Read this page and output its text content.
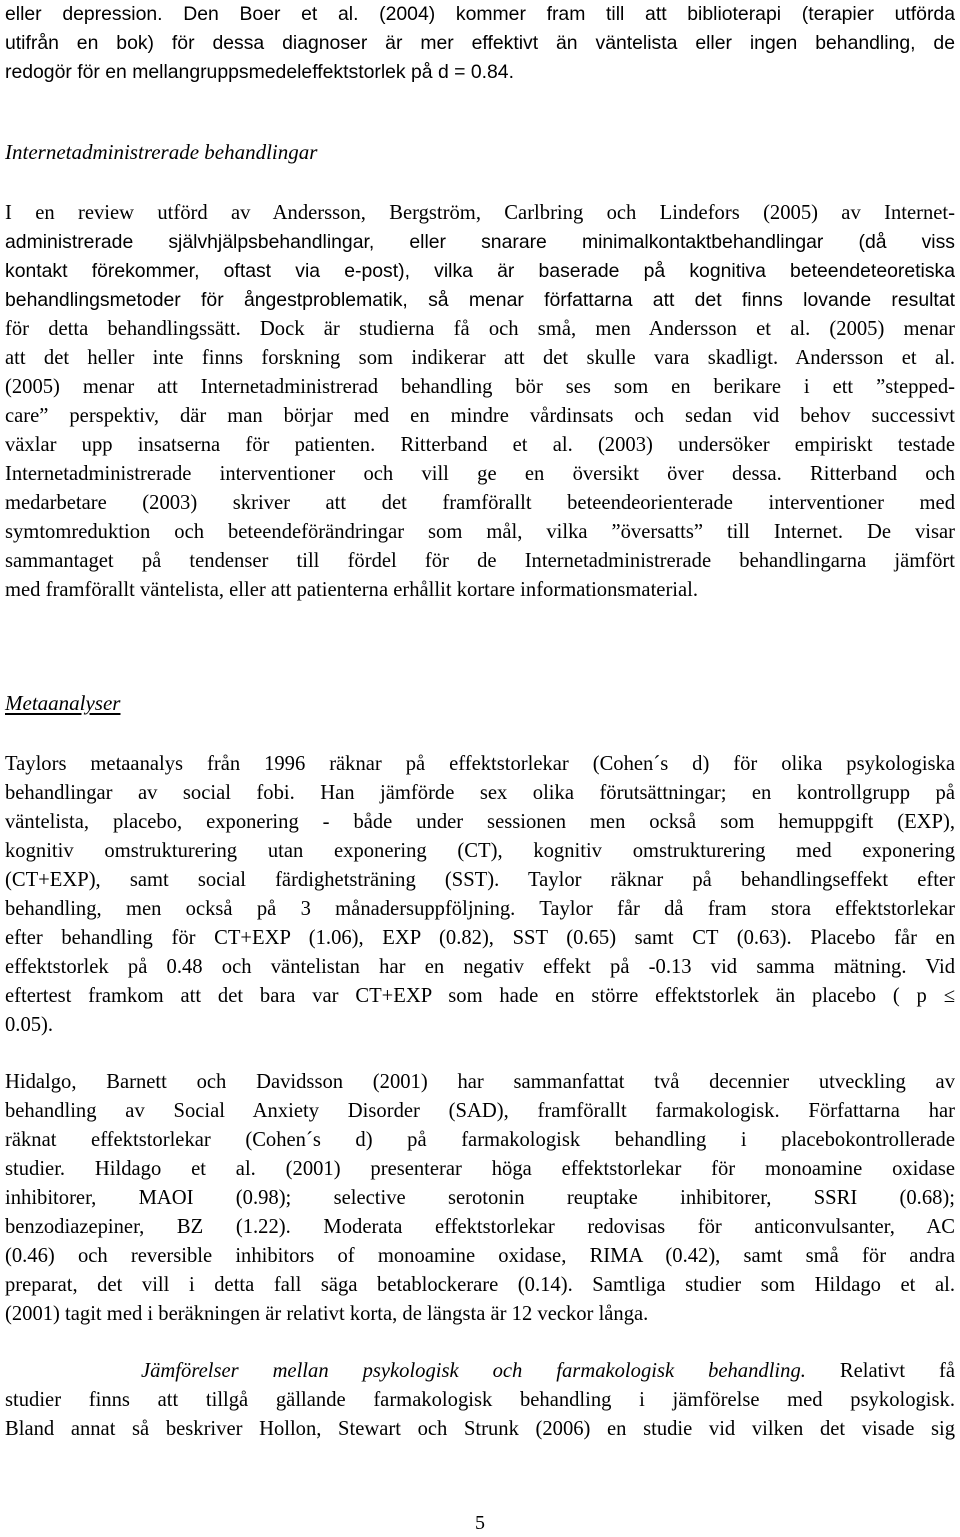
eller depression. Den Boer et al. (2004) kommer fram till att biblioterapi (terapier utförda
utifrån en bok) för dessa diagnoser är mer effektivt än väntelista eller ingen behandling, de
redogör för en mellangruppsmedeleffektstorlek på d = 0.84.
Internetadministrerade behandlingar
I en review utförd av Andersson, Bergström, Carlbring och Lindefors (2005) av Internet-
administrerade självhjälpsbehandlingar, eller snarare minimalkontaktbehandlingar (då viss
kontakt förekommer, oftast via e-post), vilka är baserade på kognitiva beteendeteoretiska
behandlingsmetoder för ångestproblematik, så menar författarna att det finns lovande resultat
för detta behandlingssätt. Dock är studierna få och små, men Andersson et al. (2005) menar
att det heller inte finns forskning som indikerar att det skulle vara skadligt. Andersson et al.
(2005) menar att Internetadministrerad behandling bör ses som en berikare i ett ”stepped-
care” perspektiv, där man börjar med en mindre vårdinsats och sedan vid behov successivt
växlar upp insatserna för patienten. Ritterband et al. (2003) undersöker empiriskt testade
Internetadministrerade interventioner och vill ge en översikt över dessa. Ritterband och
medarbetare (2003) skriver att det framförallt beteendeorienterade interventioner med
symtomreduktion och beteendeförändringar som mål, vilka ”översatts” till Internet. De visar
sammantaget på tendenser till fördel för de Internetadministrerade behandlingarna jämfört
med framförallt väntelista, eller att patienterna erhållit kortare informationsmaterial.
Metaanalyser
Taylors metaanalys från 1996 räknar på effektstorlekar (Cohen´s d) för olika psykologiska
behandlingar av social fobi. Han jämförde sex olika förutsättningar; en kontrollgrupp på
väntelista, placebo, exponering - både under sessionen men också som hemuppgift (EXP),
kognitiv omstrukturering utan exponering (CT), kognitiv omstrukturering med exponering
(CT+EXP), samt social färdighetsträning (SST). Taylor räknar på behandlingseffekt efter
behandling, men också på 3 månadersuppföljning. Taylor får då fram stora effektstorlekar
efter behandling för CT+EXP (1.06), EXP (0.82), SST (0.65) samt CT (0.63). Placebo får en
effektstorlek på 0.48 och väntelistan har en negativ effekt på -0.13 vid samma mätning. Vid
eftertest framkom att det bara var CT+EXP som hade en större effektstorlek än placebo ( p ≤
0.05).
Hidalgo, Barnett och Davidsson (2001) har sammanfattat två decennier utveckling av
behandling av Social Anxiety Disorder (SAD), framförallt farmakologisk. Författarna har
räknat effektstorlekar (Cohen´s d) på farmakologisk behandling i placebokontrollerade
studier. Hildago et al. (2001) presenterar höga effektstorlekar för monoamine oxidase
inhibitorer, MAOI (0.98); selective serotonin reuptake inhibitorer, SSRI (0.68);
benzodiazepiner, BZ (1.22). Moderata effektstorlekar redovisas för anticonvulsanter, AC
(0.46) och reversible inhibitors of monoamine oxidase, RIMA (0.42), samt små för andra
preparat, det vill i detta fall säga betablockerare (0.14). Samtliga studier som Hildago et al.
(2001) tagit med i beräkningen är relativt korta, de längsta är 12 veckor långa.
Jämförelser mellan psykologisk och farmakologisk behandling. Relativt få
studier finns att tillgå gällande farmakologisk behandling i jämförelse med psykologisk.
Bland annat så beskriver Hollon, Stewart och Strunk (2006) en studie vid vilken det visade sig
5
